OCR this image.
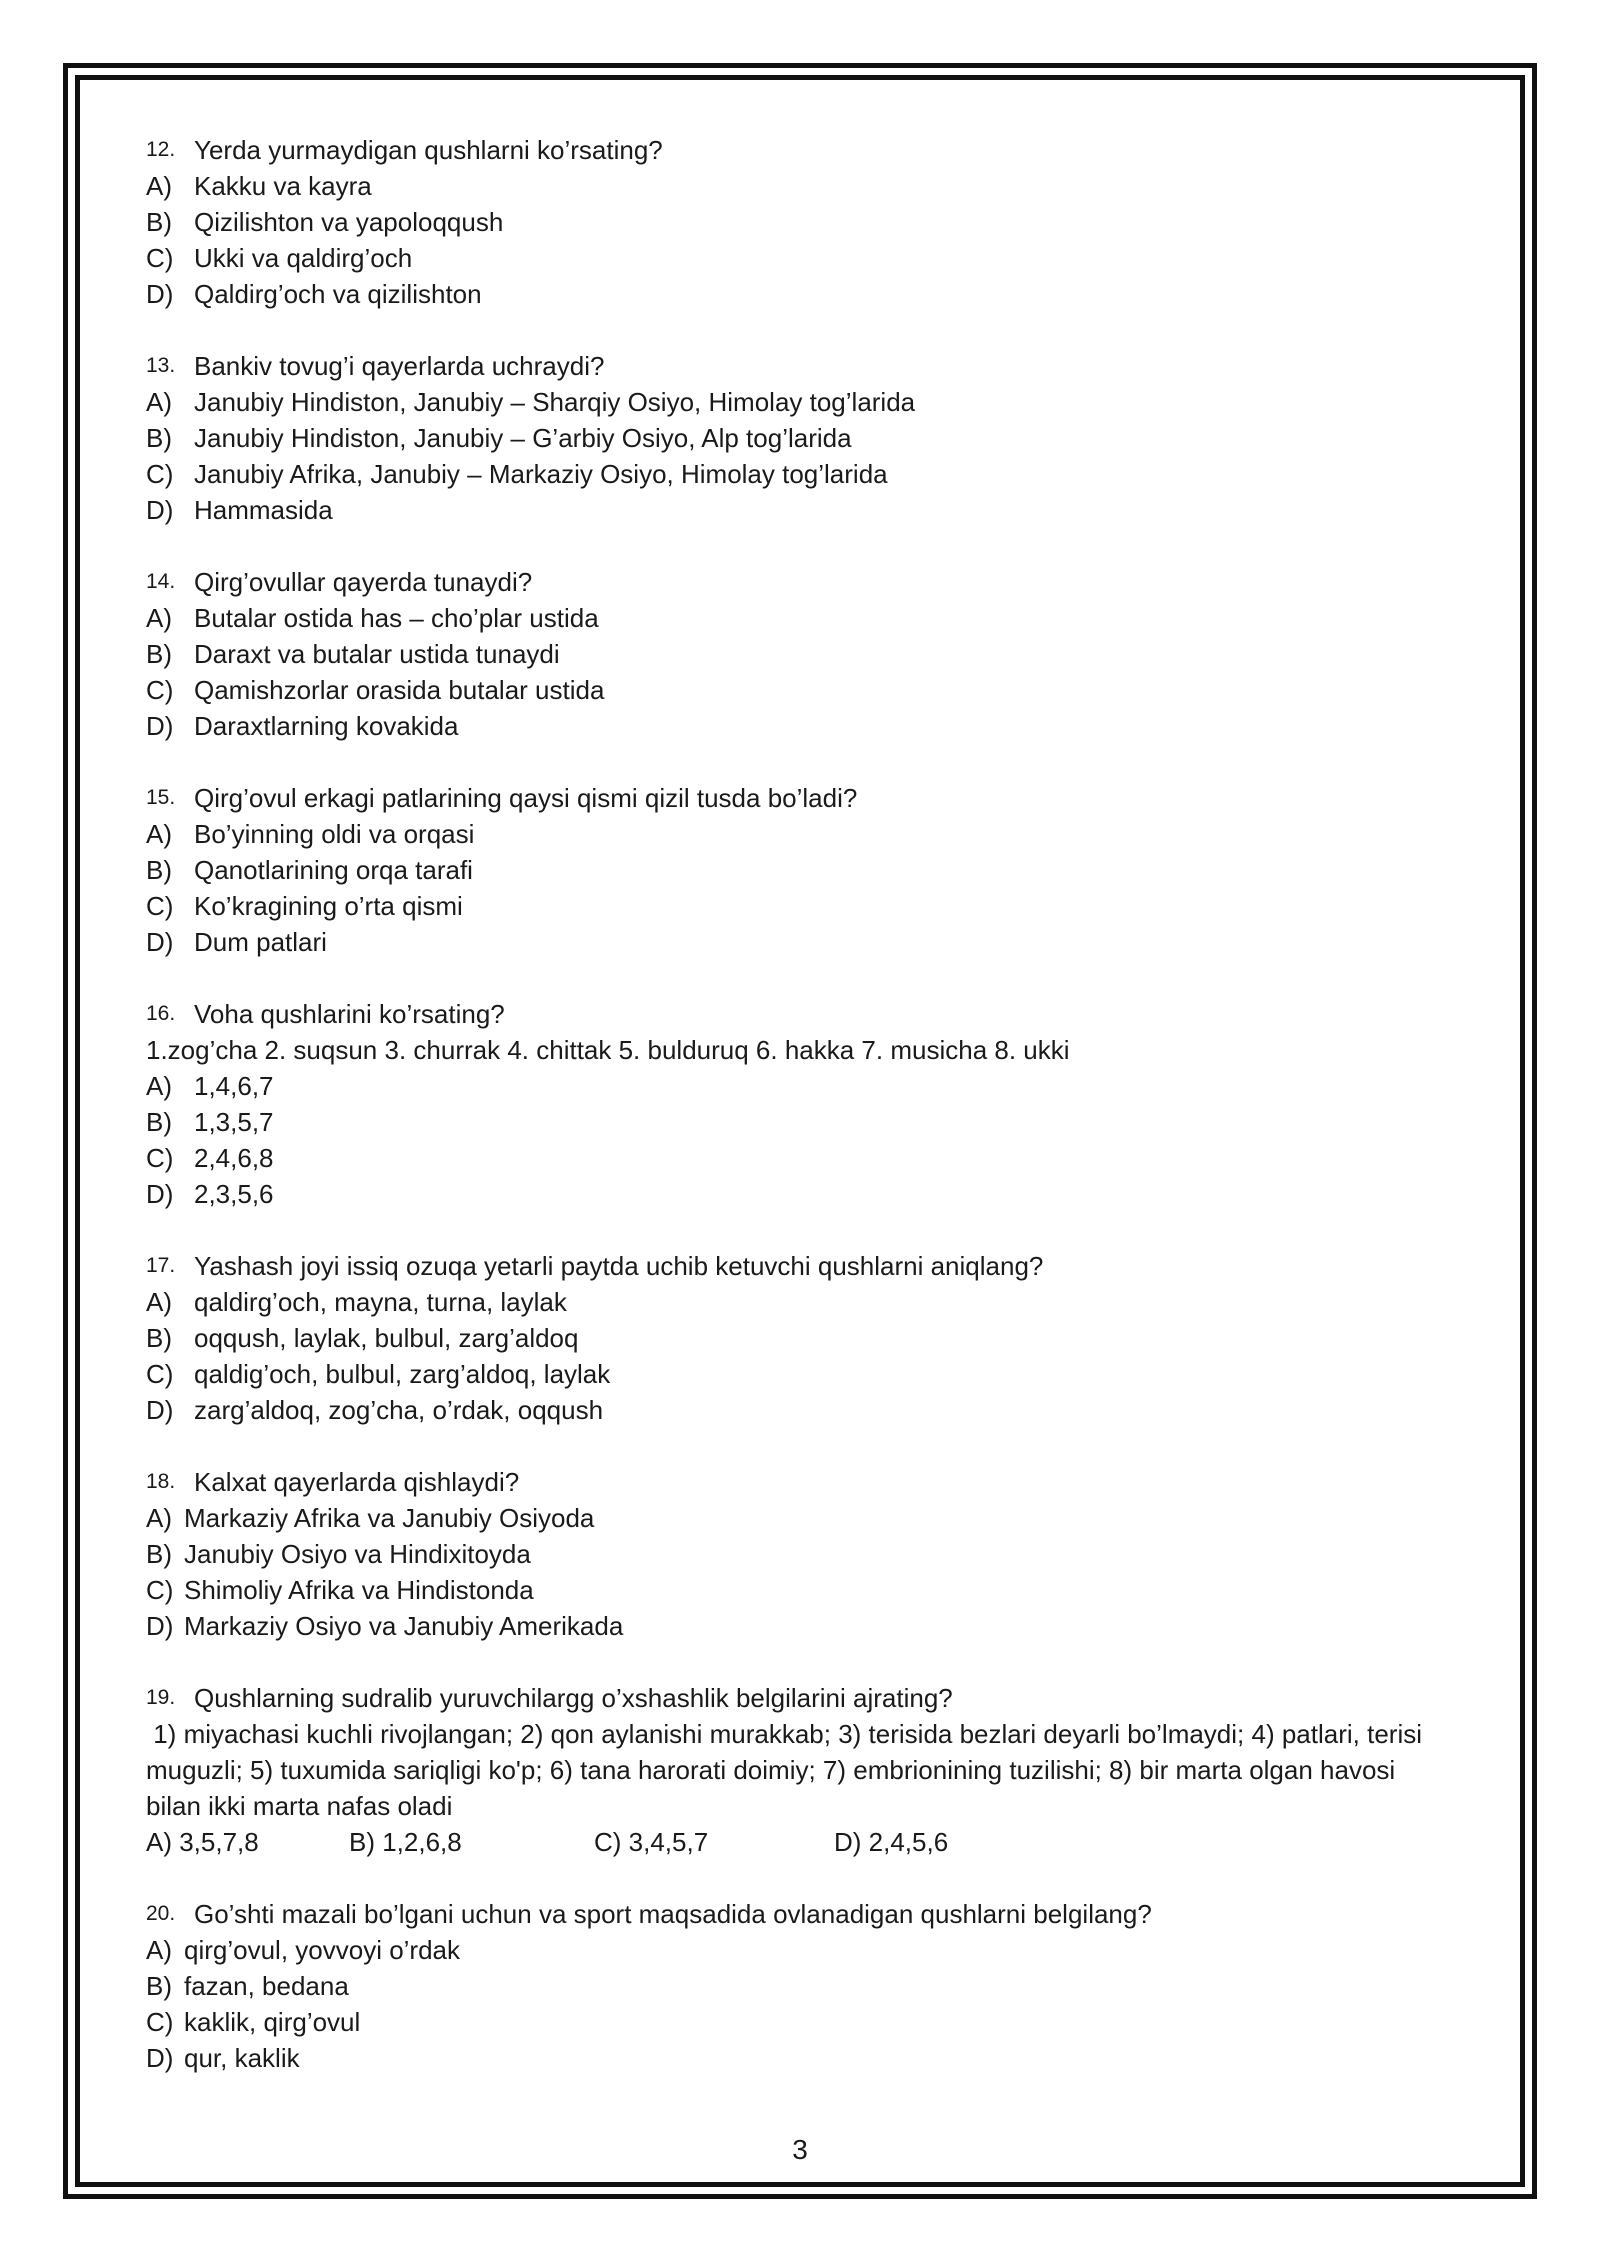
12. Yerda yurmaydigan qushlarni ko’rsating?
A) Kakku va kayra
B) Qizilishton va yapoloqqush
C) Ukki va qaldirg’och
D) Qaldirg’och va qizilishton
13. Bankiv tovug’i qayerlarda uchraydi?
A) Janubiy Hindiston, Janubiy – Sharqiy Osiyo, Himolay tog’larida
B) Janubiy Hindiston, Janubiy – G’arbiy Osiyo, Alp tog’larida
C) Janubiy Afrika, Janubiy – Markaziy Osiyo, Himolay tog’larida
D) Hammasida
14. Qirg’ovullar qayerda tunaydi?
A) Butalar ostida has – cho’plar ustida
B) Daraxt va butalar ustida tunaydi
C) Qamishzorlar orasida butalar ustida
D) Daraxtlarning kovakida
15. Qirg’ovul erkagi patlarining qaysi qismi qizil tusda bo’ladi?
A) Bo’yinning oldi va orqasi
B) Qanotlarining orqa tarafi
C) Ko’kragining o’rta qismi
D) Dum patlari
16. Voha qushlarini ko’rsating?
1.zog’cha 2. suqsun 3. churrak 4. chittak 5. bulduruq 6. hakka 7. musicha 8. ukki
A) 1,4,6,7
B) 1,3,5,7
C) 2,4,6,8
D) 2,3,5,6
17. Yashash joyi issiq ozuqa yetarli paytda uchib ketuvchi qushlarni aniqlang?
A) qaldirg’och, mayna, turna, laylak
B) oqqush, laylak, bulbul, zarg’aldoq
C) qaldig’och, bulbul, zarg’aldoq, laylak
D) zarg’aldoq, zog’cha, o’rdak, oqqush
18. Kalxat qayerlarda qishlaydi?
A) Markaziy Afrika va Janubiy Osiyoda
B) Janubiy Osiyo va Hindixitoyda
C) Shimoliy Afrika va Hindistonda
D) Markaziy Osiyo va Janubiy Amerikada
19. Qushlarning sudralib yuruvchilargg o’xshashlik belgilarini ajrating?
1) miyachasi kuchli rivojlangan; 2) qon aylanishi murakkab; 3) terisida bezlari deyarli bo’lmaydi; 4) patlari, terisi
muguzli; 5) tuxumida sariqligi ko'p; 6) tana harorati doimiy; 7) embrionining tuzilishi; 8) bir marta olgan havosi
bilan ikki marta nafas oladi
A) 3,5,7,8	B) 1,2,6,8	C) 3,4,5,7	D) 2,4,5,6
20. Go’shti mazali bo’lgani uchun va sport maqsadida ovlanadigan qushlarni belgilang?
A) qirg’ovul, yovvoyi o’rdak
B) fazan, bedana
C) kaklik, qirg’ovul
D) qur, kaklik
3
